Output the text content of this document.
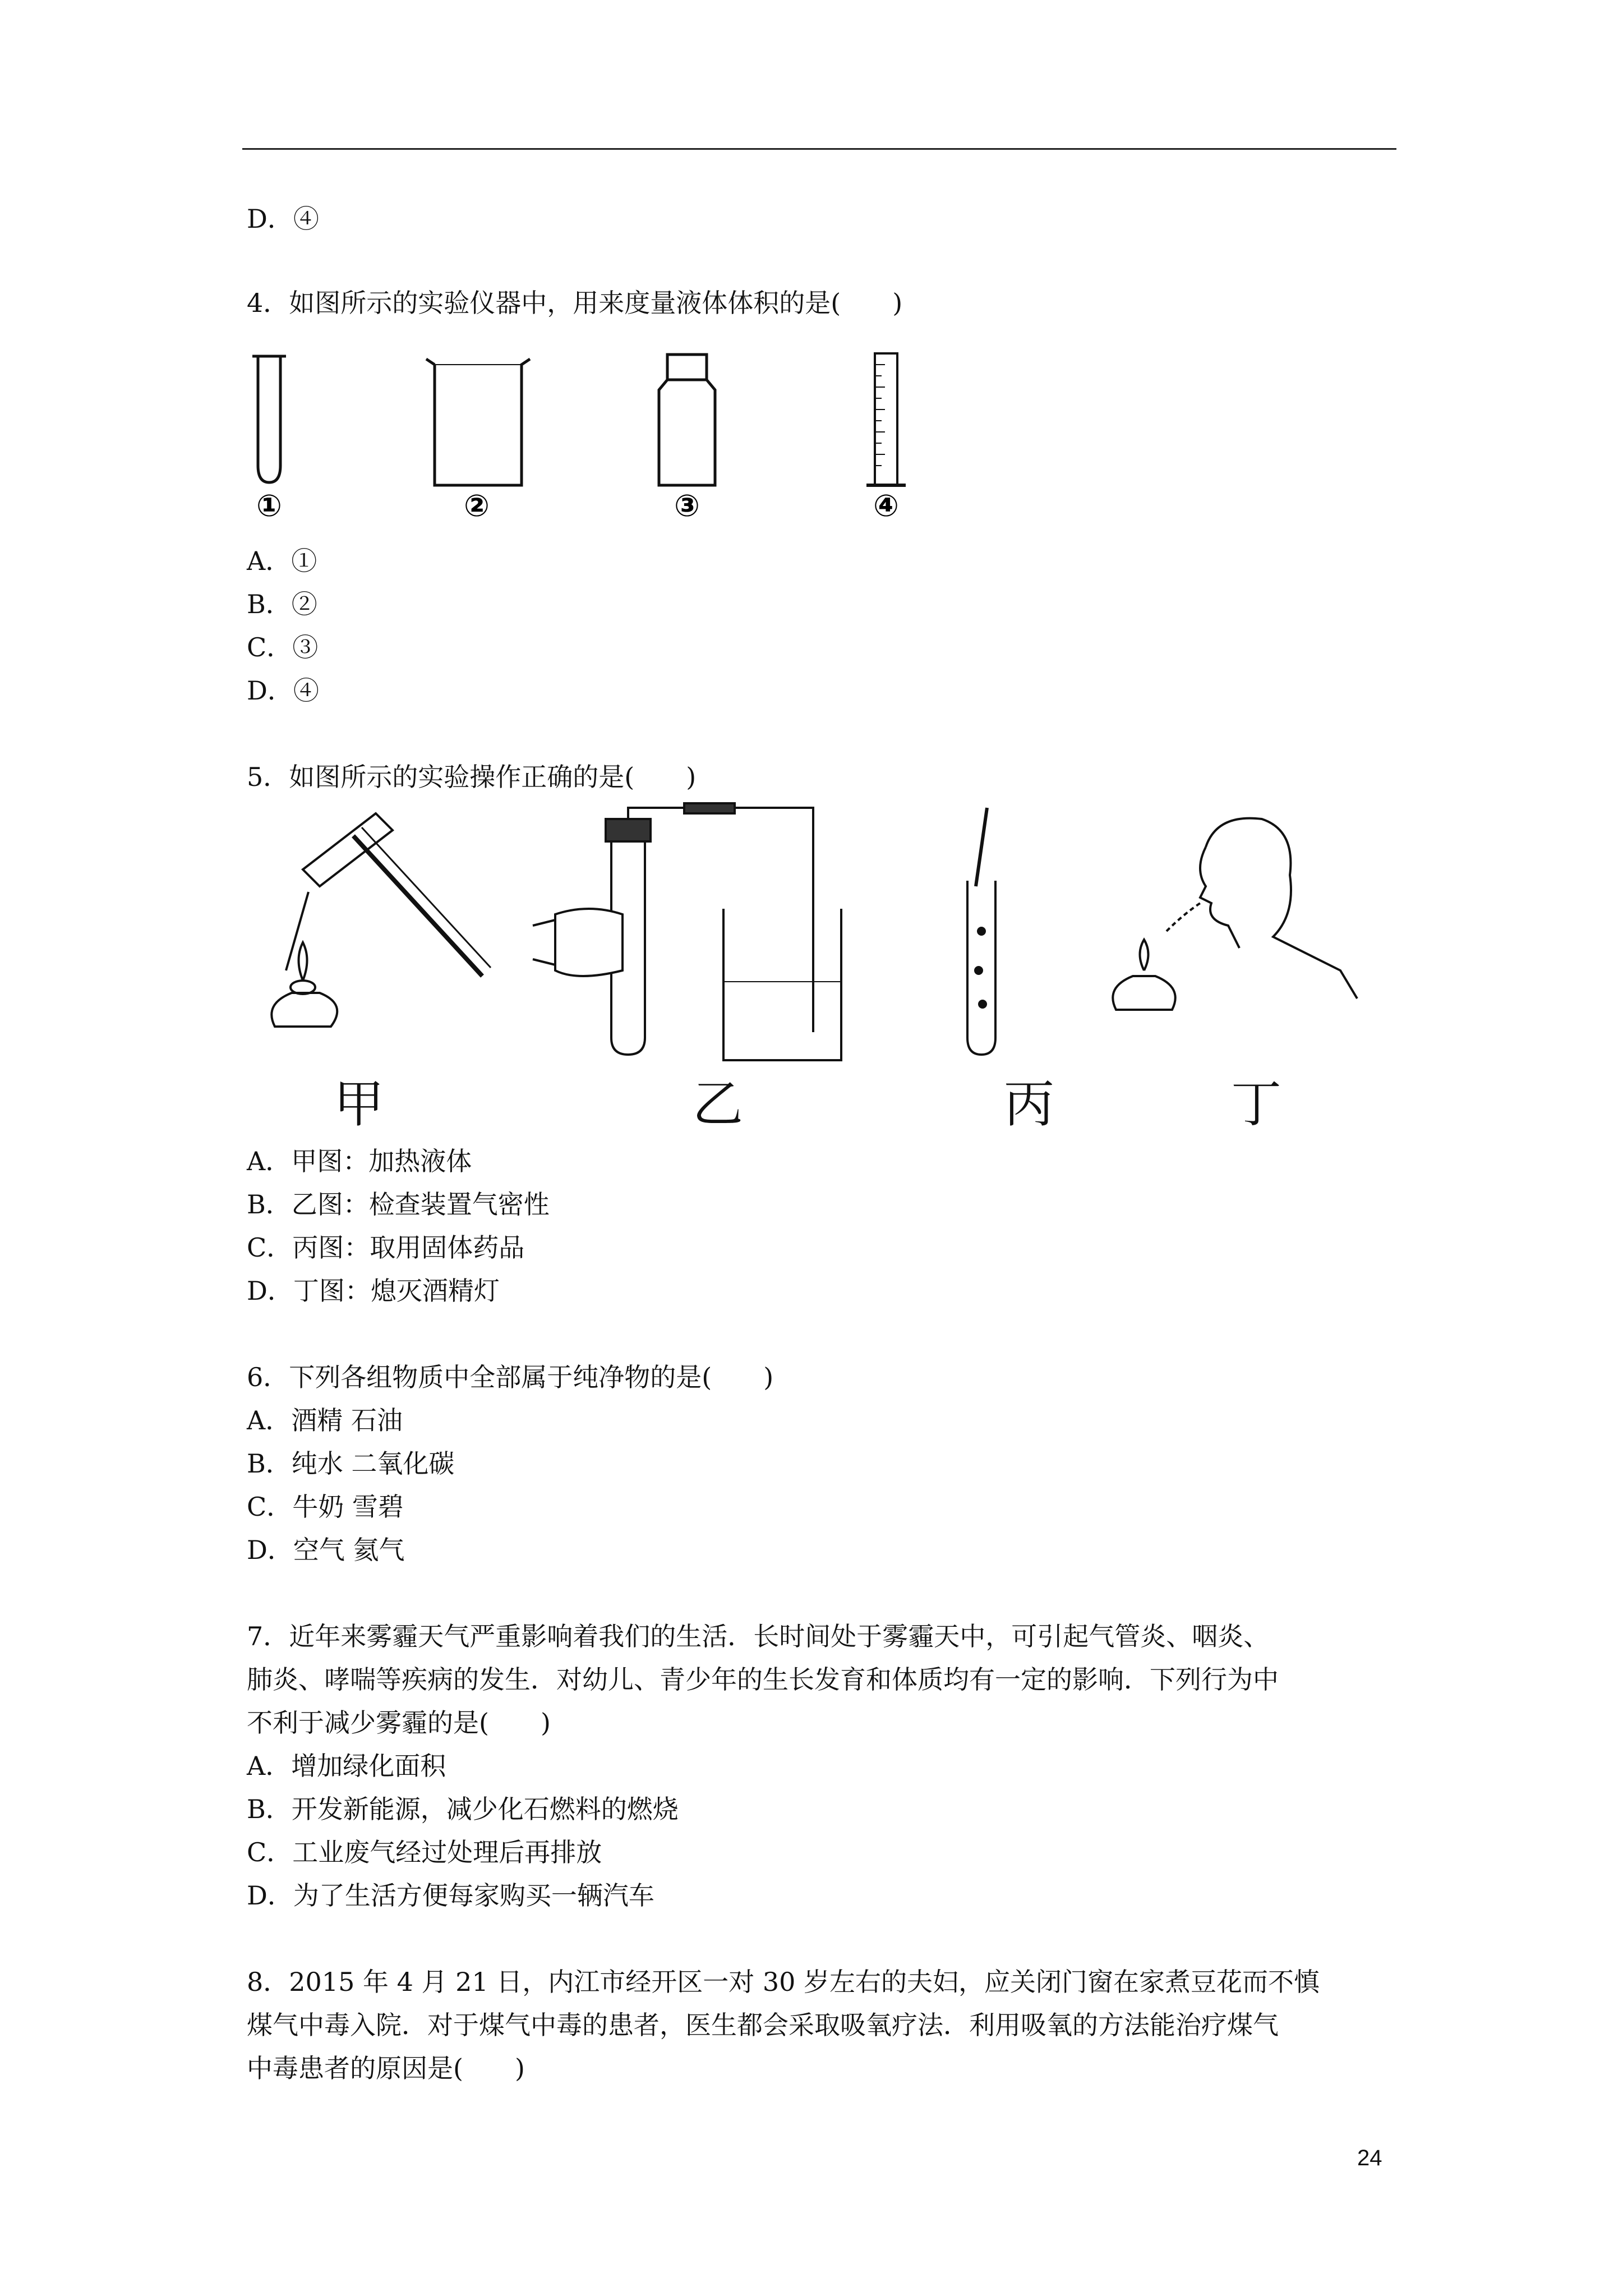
D．④
4．如图所示的实验仪器中，用来度量液体体积的是(　　)
①	②	③	④
A．①
B．②
C．③
D．④
5．如图所示的实验操作正确的是(　　)
甲	乙	丙	丁
A．甲图：加热液体
B．乙图：检查装置气密性
C．丙图：取用固体药品
D．丁图：熄灭酒精灯
6．下列各组物质中全部属于纯净物的是(　　)
A．酒精 石油
B．纯水 二氧化碳
C．牛奶 雪碧
D．空气 氦气
7．近年来雾霾天气严重影响着我们的生活．长时间处于雾霾天中，可引起气管炎、咽炎、
肺炎、哮喘等疾病的发生．对幼儿、青少年的生长发育和体质均有一定的影响．下列行为中
不利于减少雾霾的是(　　)
A．增加绿化面积
B．开发新能源，减少化石燃料的燃烧
C．工业废气经过处理后再排放
D．为了生活方便每家购买一辆汽车
8．2015 年 4 月 21 日，内江市经开区一对 30 岁左右的夫妇，应关闭门窗在家煮豆花而不慎
煤气中毒入院．对于煤气中毒的患者，医生都会采取吸氧疗法．利用吸氧的方法能治疗煤气
中毒患者的原因是(　　)
24
